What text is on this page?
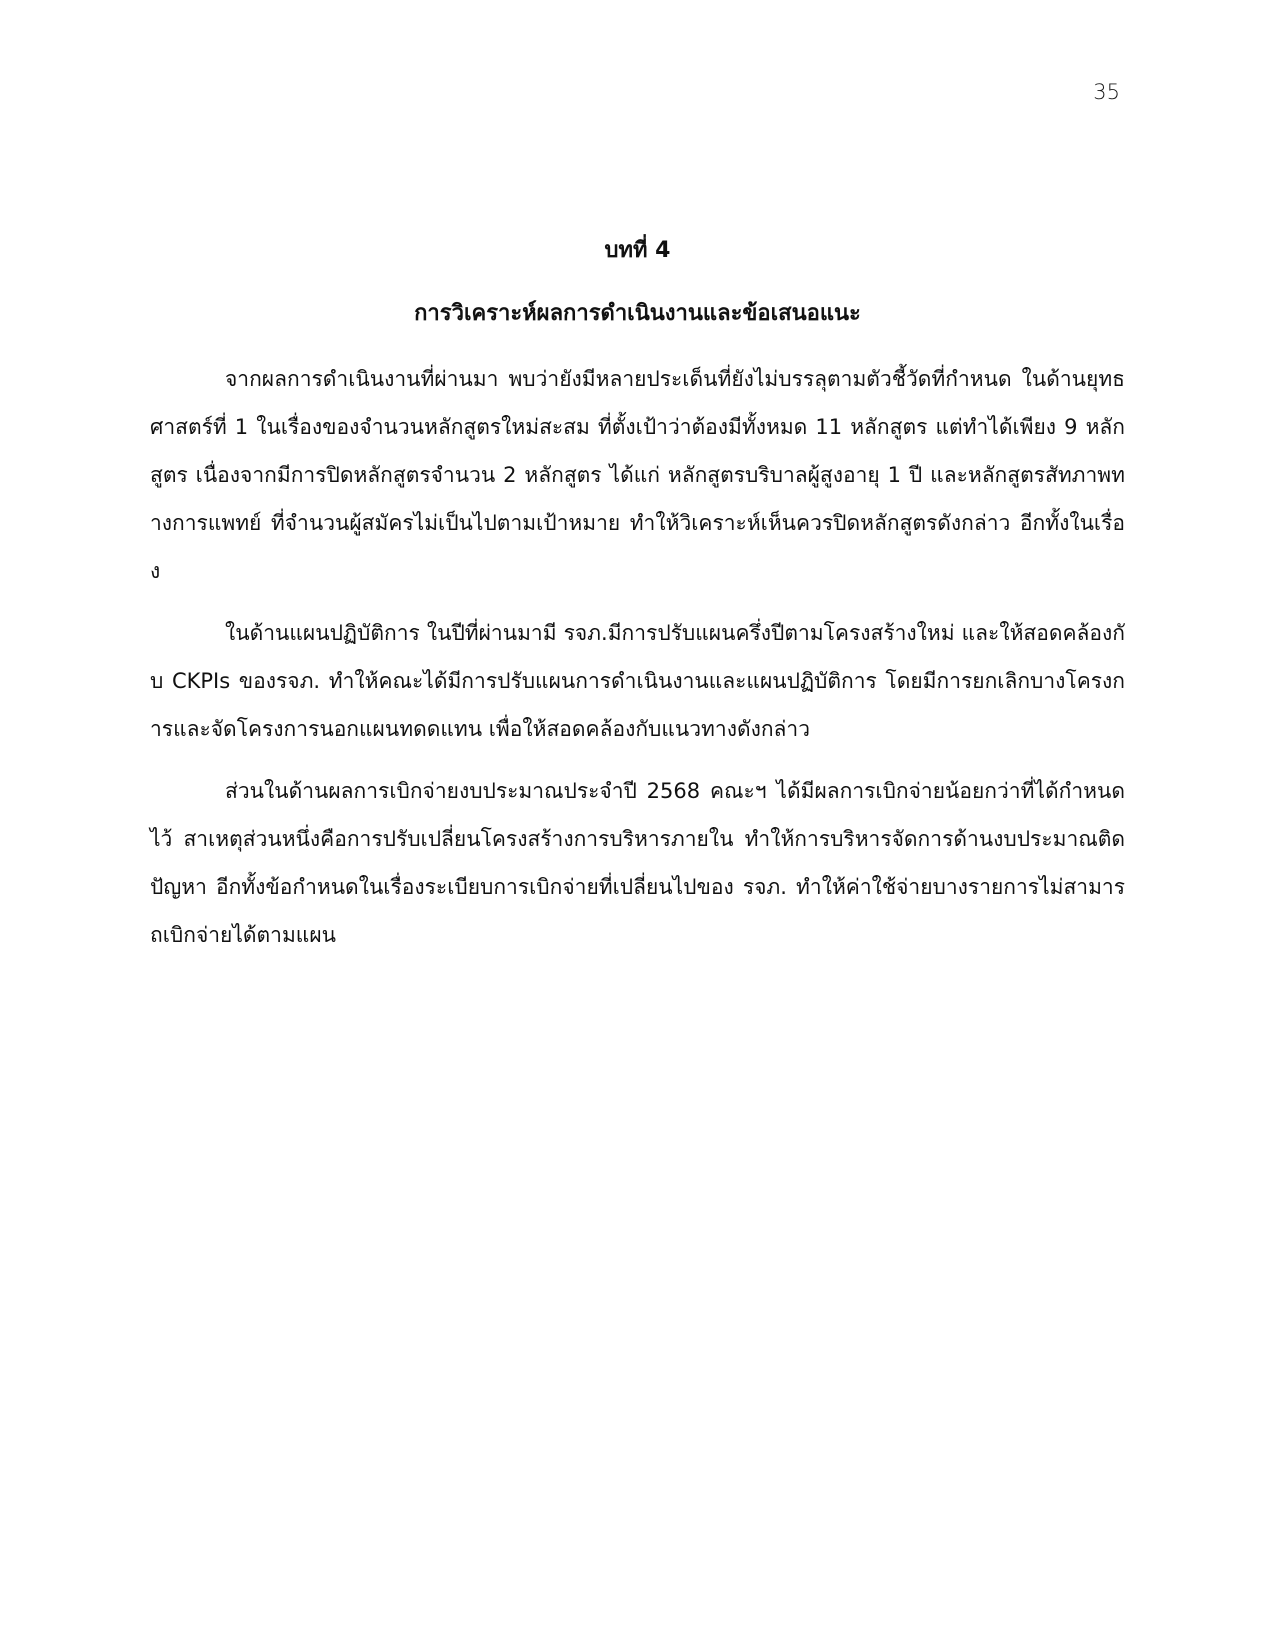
35
บทที่ 4
การวิเคราะห์ผลการดำเนินงานและข้อเสนอแนะ

จากผลการดำเนินงานที่ผ่านมา พบว่ายังมีหลายประเด็นที่ยังไม่บรรลุตามตัวชี้วัดที่กำหนด ในด้านยุทธศาสตร์ที่ 1 ในเรื่องของจำนวนหลักสูตรใหม่สะสม ที่ตั้งเป้าว่าต้องมีทั้งหมด 11 หลักสูตร แต่ทำได้เพียง 9 หลักสูตร เนื่องจากมีการปิดหลักสูตรจำนวน 2 หลักสูตร ได้แก่ หลักสูตรบริบาลผู้สูงอายุ 1 ปี และหลักสูตรสัทภาพทางการแพทย์ ที่จำนวนผู้สมัครไม่เป็นไปตามเป้าหมาย ทำให้วิเคราะห์เห็นควรปิดหลักสูตรดังกล่าว อีกทั้งในเรื่อง

ในด้านแผนปฏิบัติการ ในปีที่ผ่านมามี รจภ.มีการปรับแผนครึ่งปีตามโครงสร้างใหม่ และให้สอดคล้องกับ CKPIs ของรจภ. ทำให้คณะได้มีการปรับแผนการดำเนินงานและแผนปฏิบัติการ โดยมีการยกเลิกบางโครงการและจัดโครงการนอกแผนทดดแทน เพื่อให้สอดคล้องกับแนวทางดังกล่าว

ส่วนในด้านผลการเบิกจ่ายงบประมาณประจำปี 2568 คณะฯ ได้มีผลการเบิกจ่ายน้อยกว่าที่ได้กำหนดไว้ สาเหตุส่วนหนึ่งคือการปรับเปลี่ยนโครงสร้างการบริหารภายใน ทำให้การบริหารจัดการด้านงบประมาณติดปัญหา อีกทั้งข้อกำหนดในเรื่องระเบียบการเบิกจ่ายที่เปลี่ยนไปของ รจภ. ทำให้ค่าใช้จ่ายบางรายการไม่สามารถเบิกจ่ายได้ตามแผน
